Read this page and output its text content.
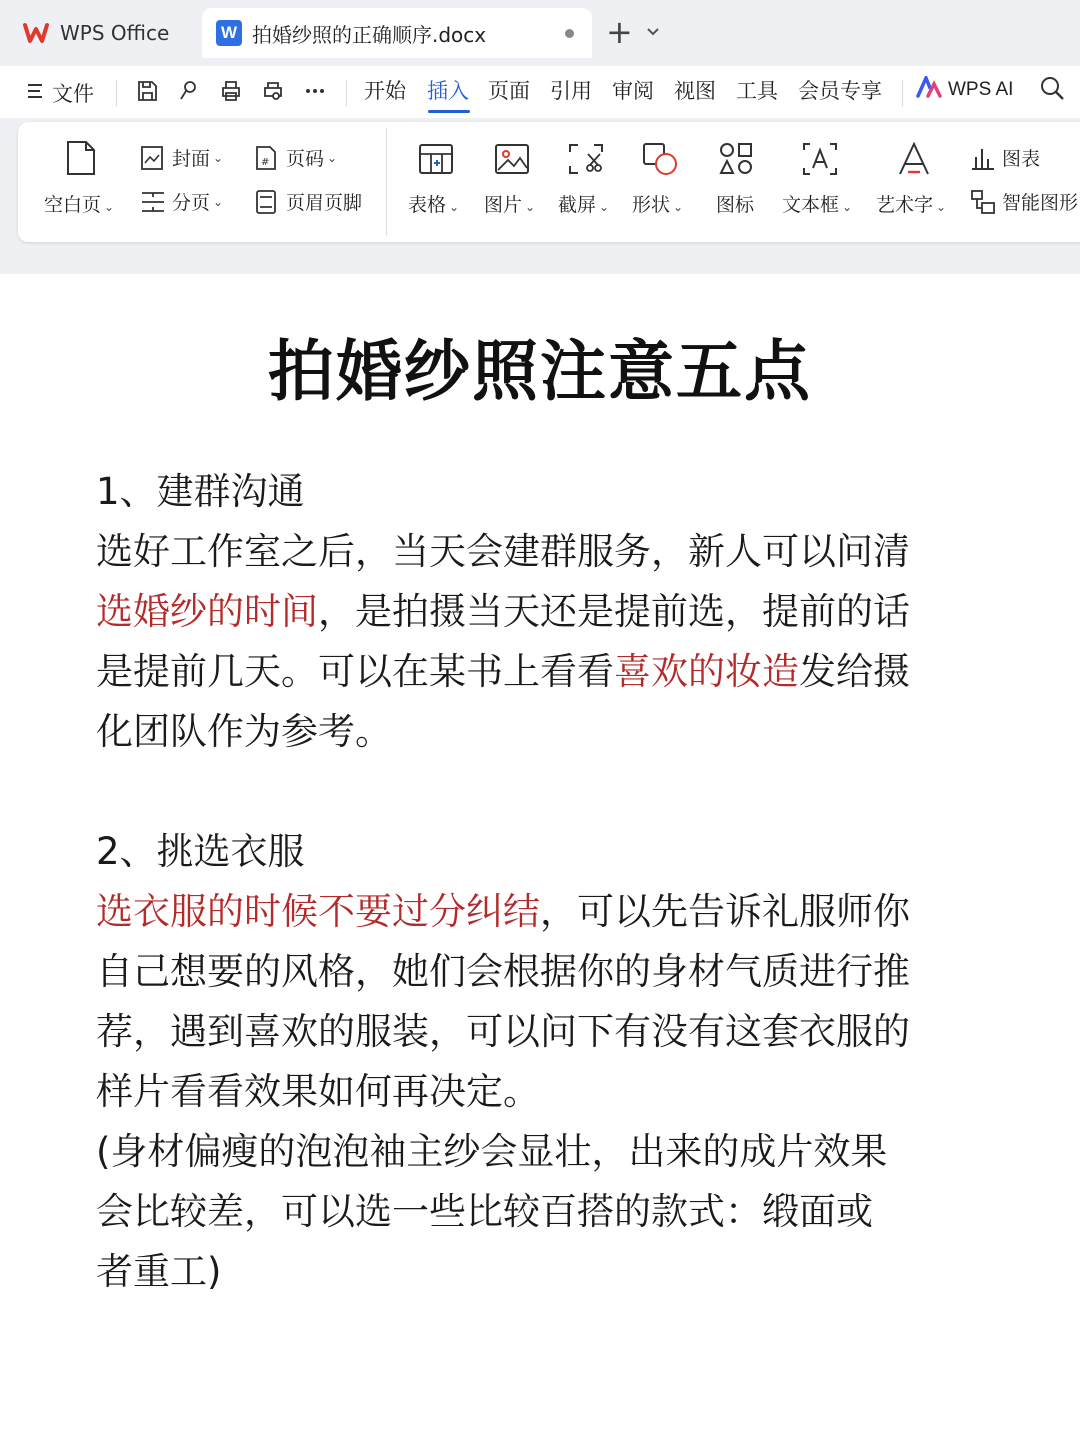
WPS Office	W 拍婚纱照的正确顺序.docx	+
文件	开始 插入 页面 引用 审阅 视图 工具 会员专享	WPS AI
空白页 ⌄
封面 ⌄
分页 ⌄
# 页码 ⌄
页眉页脚 表格 ⌄ 图片 ⌄ 截屏 ⌄ 形状 ⌄ 图标 文本框 ⌄ 艺术字 ⌄
图表
智能图形
拍婚纱照注意五点

1、建群沟通

选好工作室之后，当天会建群服务，新人可以问清

选婚纱的时间，是拍摄当天还是提前选，提前的话

是提前几天。可以在某书上看看喜欢的妆造发给摄

化团队作为参考。

2、挑选衣服

选衣服的时候不要过分纠结，可以先告诉礼服师你

自己想要的风格，她们会根据你的身材气质进行推

荐，遇到喜欢的服装，可以问下有没有这套衣服的

样片看看效果如何再决定。

(身材偏瘦的泡泡袖主纱会显壮，出来的成片效果

会比较差，可以选一些比较百搭的款式：缎面或

者重工)
